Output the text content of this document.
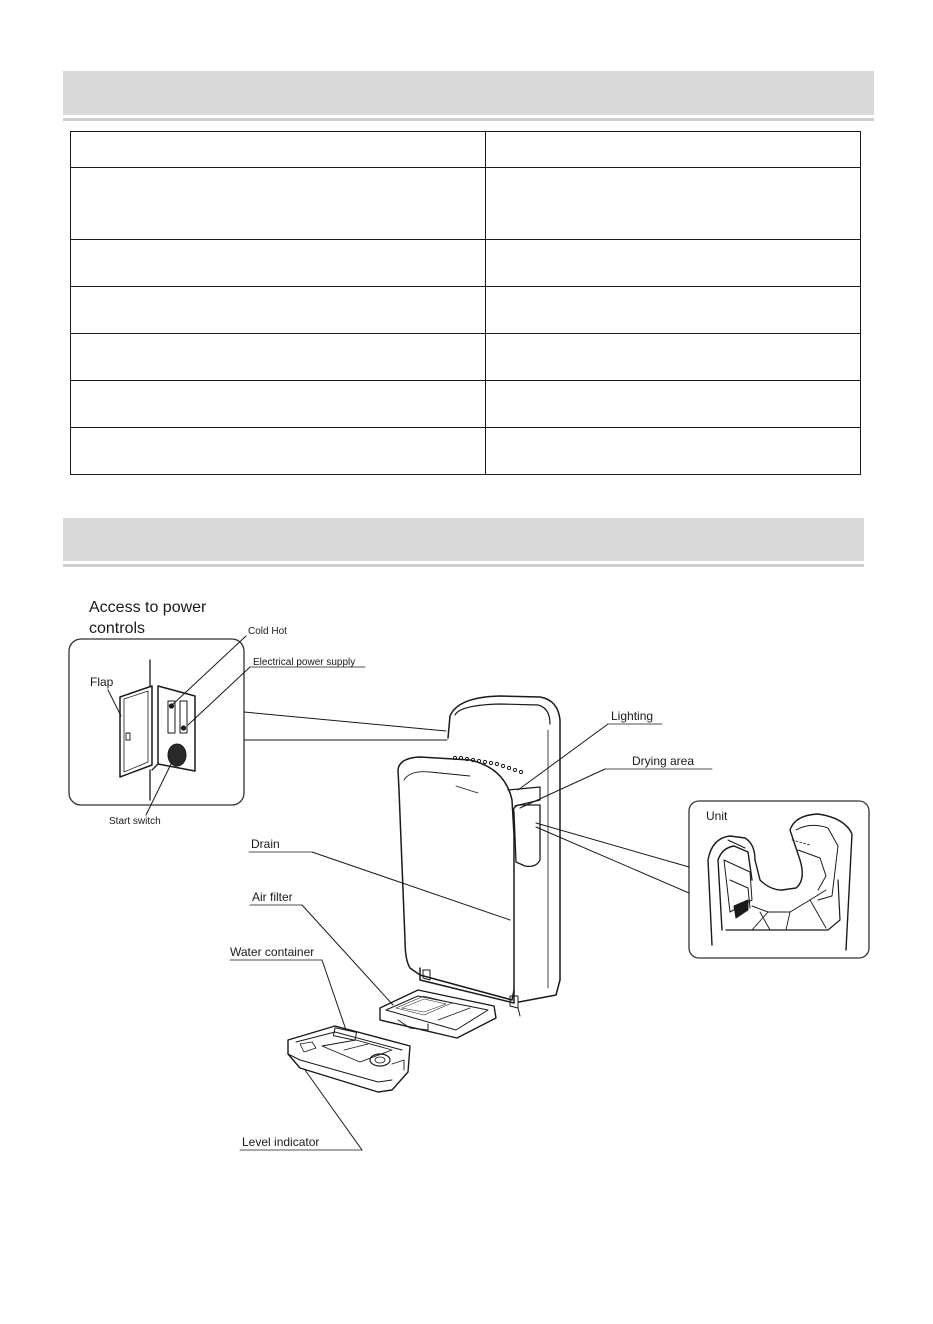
Access to power
controls	Cold Hot
Electrical power supply
Flap
Start switch
Lighting
Drying area
Unit
Drain
Air filter
Water container
Level indicator
